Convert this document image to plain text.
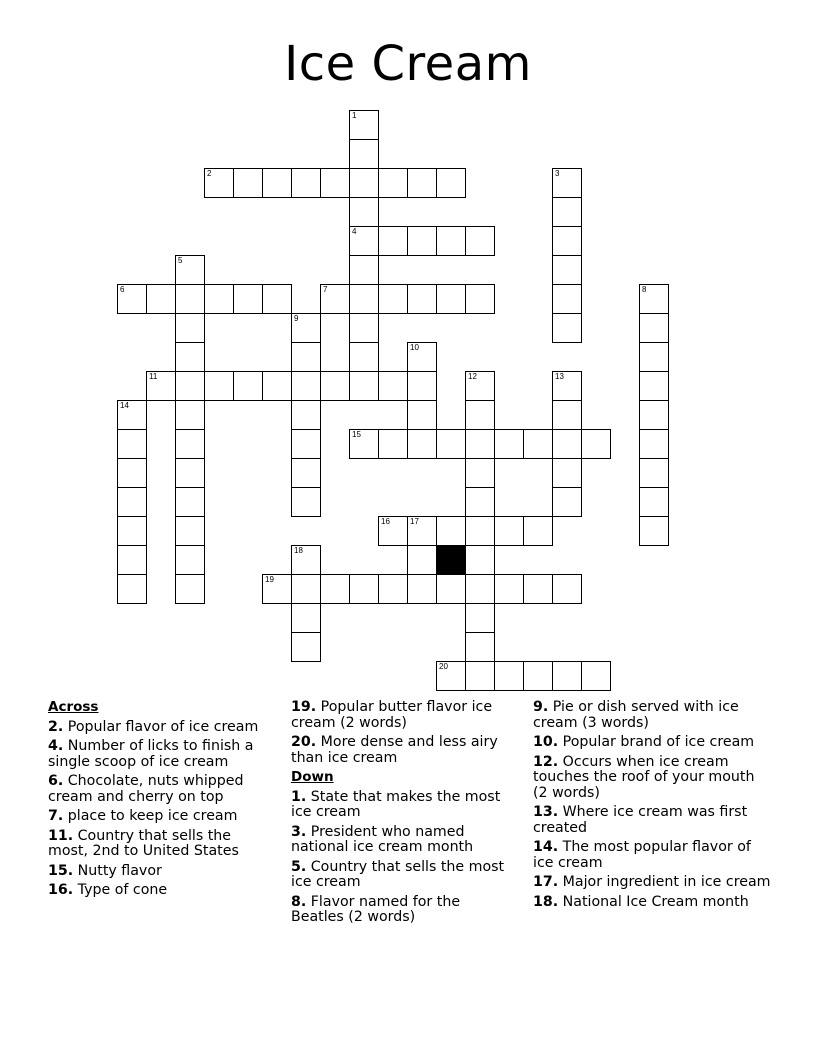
Ice Cream
1
2	3
4
5
6	7	8
9
10
11	12	13
14
15
16	17
18
19
20
Across
2. Popular flavor of ice cream
4. Number of licks to finish a single scoop of ice cream
6. Chocolate, nuts whipped cream and cherry on top
7. place to keep ice cream
11. Country that sells the most, 2nd to United States
15. Nutty flavor
16. Type of cone
19. Popular butter flavor ice cream (2 words)
20. More dense and less airy than ice cream
Down
1. State that makes the most ice cream
3. President who named national ice cream month
5. Country that sells the most ice cream
8. Flavor named for the Beatles (2 words)
9. Pie or dish served with ice cream (3 words)
10. Popular brand of ice cream
12. Occurs when ice cream touches the roof of your mouth (2 words)
13. Where ice cream was first created
14. The most popular flavor of ice cream
17. Major ingredient in ice cream
18. National Ice Cream month
